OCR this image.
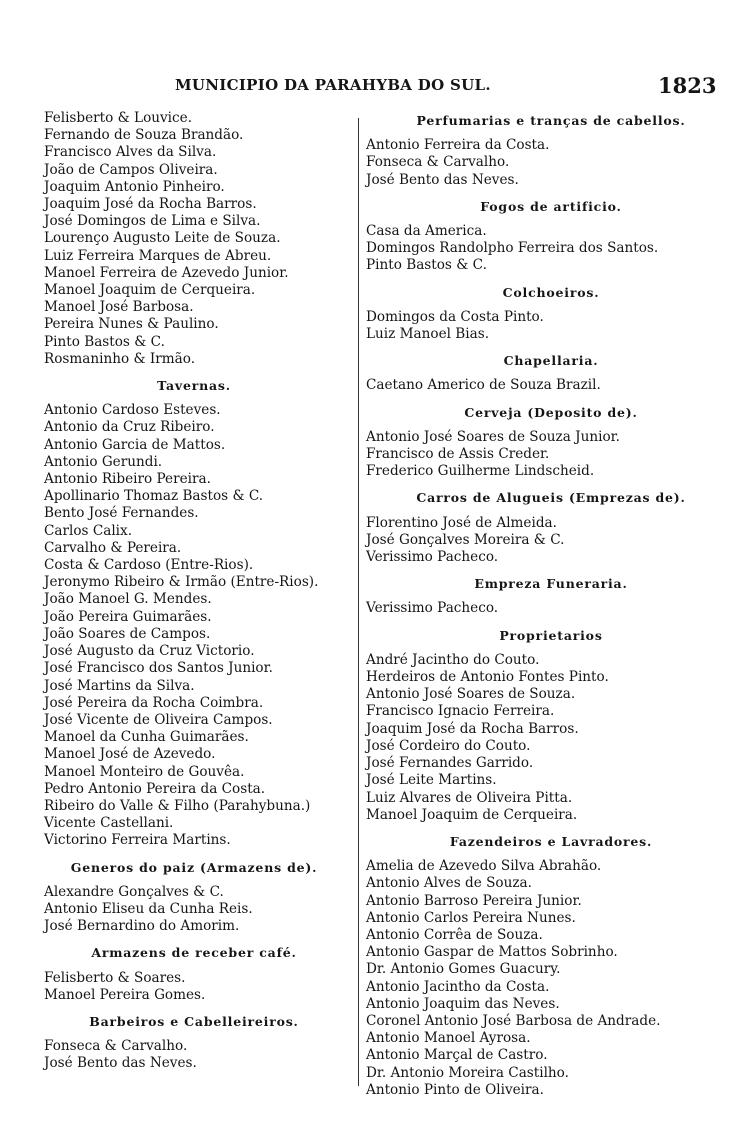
MUNICIPIO DA PARAHYBA DO SUL.	1823
Felisberto & Louvice.
Fernando de Souza Brandão.
Francisco Alves da Silva.
João de Campos Oliveira.
Joaquim Antonio Pinheiro.
Joaquim José da Rocha Barros.
José Domingos de Lima e Silva.
Lourenço Augusto Leite de Souza.
Luiz Ferreira Marques de Abreu.
Manoel Ferreira de Azevedo Junior.
Manoel Joaquim de Cerqueira.
Manoel José Barbosa.
Pereira Nunes & Paulino.
Pinto Bastos & C.
Rosmaninho & Irmão.
Tavernas.
Antonio Cardoso Esteves.
Antonio da Cruz Ribeiro.
Antonio Garcia de Mattos.
Antonio Gerundi.
Antonio Ribeiro Pereira.
Apollinario Thomaz Bastos & C.
Bento José Fernandes.
Carlos Calix.
Carvalho & Pereira.
Costa & Cardoso (Entre-Rios).
Jeronymo Ribeiro & Irmão (Entre-Rios).
João Manoel G. Mendes.
João Pereira Guimarães.
João Soares de Campos.
José Augusto da Cruz Victorio.
José Francisco dos Santos Junior.
José Martins da Silva.
José Pereira da Rocha Coimbra.
José Vicente de Oliveira Campos.
Manoel da Cunha Guimarães.
Manoel José de Azevedo.
Manoel Monteiro de Gouvêa.
Pedro Antonio Pereira da Costa.
Ribeiro do Valle & Filho (Parahybuna.)
Vicente Castellani.
Victorino Ferreira Martins.
Generos do paiz (Armazens de).
Alexandre Gonçalves & C.
Antonio Eliseu da Cunha Reis.
José Bernardino do Amorim.
Armazens de receber café.
Felisberto & Soares.
Manoel Pereira Gomes.
Barbeiros e Cabelleireiros.
Fonseca & Carvalho.
José Bento das Neves.
Perfumarias e tranças de cabellos.
Antonio Ferreira da Costa.
Fonseca & Carvalho.
José Bento das Neves.
Fogos de artificio.
Casa da America.
Domingos Randolpho Ferreira dos Santos.
Pinto Bastos & C.
Colchoeiros.
Domingos da Costa Pinto.
Luiz Manoel Bias.
Chapellaria.
Caetano Americo de Souza Brazil.
Cerveja (Deposito de).
Antonio José Soares de Souza Junior.
Francisco de Assis Creder.
Frederico Guilherme Lindscheid.
Carros de Alugueis (Emprezas de).
Florentino José de Almeida.
José Gonçalves Moreira & C.
Verissimo Pacheco.
Empreza Funeraria.
Verissimo Pacheco.
Proprietarios
André Jacintho do Couto.
Herdeiros de Antonio Fontes Pinto.
Antonio José Soares de Souza.
Francisco Ignacio Ferreira.
Joaquim José da Rocha Barros.
José Cordeiro do Couto.
José Fernandes Garrido.
José Leite Martins.
Luiz Alvares de Oliveira Pitta.
Manoel Joaquim de Cerqueira.
Fazendeiros e Lavradores.
Amelia de Azevedo Silva Abrahão.
Antonio Alves de Souza.
Antonio Barroso Pereira Junior.
Antonio Carlos Pereira Nunes.
Antonio Corrêa de Souza.
Antonio Gaspar de Mattos Sobrinho.
Dr. Antonio Gomes Guacury.
Antonio Jacintho da Costa.
Antonio Joaquim das Neves.
Coronel Antonio José Barbosa de Andrade.
Antonio Manoel Ayrosa.
Antonio Marçal de Castro.
Dr. Antonio Moreira Castilho.
Antonio Pinto de Oliveira.
